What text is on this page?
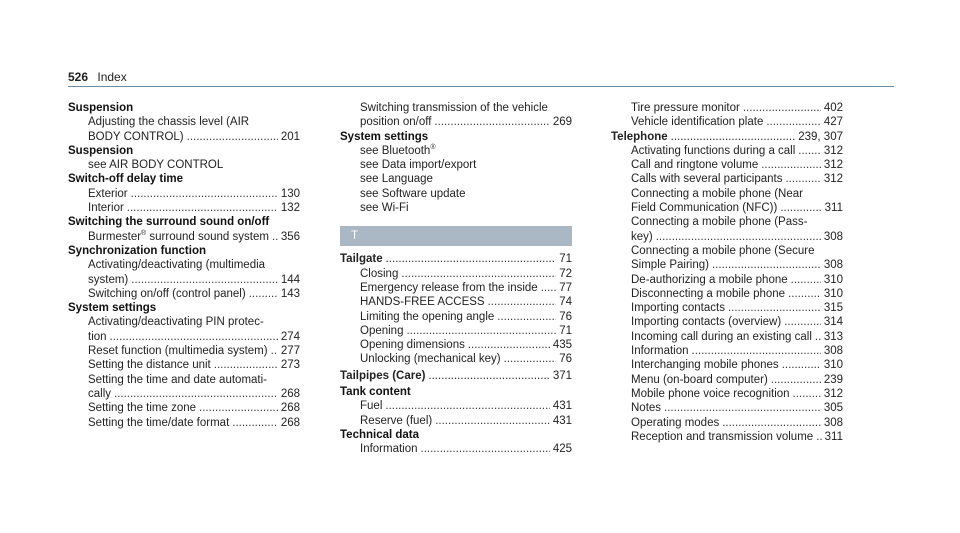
526 Index
Suspension
Adjusting the chassis level (AIR
BODY CONTROL) .....	201
Suspension
see AIR BODY CONTROL
Switch-off delay time
Exterior .....	130
Interior .....	132
Switching the surround sound on/off
Burmester® surround sound system ..... 356
Synchronization function
Activating/deactivating (multimedia
system) .....	144
Switching on/off (control panel) .....	143
System settings
Activating/deactivating PIN protec-
tion .....	274
Reset function (multimedia system) ..... 277
Setting the distance unit .....	273
Setting the time and date automati-
cally .....	268
Setting the time zone .....	268
Setting the time/date format .....	268
Switching transmission of the vehicle
position on/off .....	269
System settings
see Bluetooth®
see Data import/export
see Language
see Software update
see Wi-Fi
T
Tailgate .....	71
Closing .....	72
Emergency release from the inside ..... 77
HANDS-FREE ACCESS .....	74
Limiting the opening angle .....	76
Opening .....	71
Opening dimensions .....	435
Unlocking (mechanical key) .....	76
Tailpipes (Care) .....	371
Tank content
Fuel .....	431
Reserve (fuel) .....	431
Technical data
Information .....	425
Tire pressure monitor .....	402
Vehicle identification plate .....	427
Telephone .....	239, 307
Activating functions during a call ..... 312
Call and ringtone volume .....	312
Calls with several participants .....	312
Connecting a mobile phone (Near
Field Communication (NFC)) .....	311
Connecting a mobile phone (Pass-
key) .....	308
Connecting a mobile phone (Secure
Simple Pairing) .....	308
De-authorizing a mobile phone .....	310
Disconnecting a mobile phone .....	310
Importing contacts .....	315
Importing contacts (overview) .....	314
Incoming call during an existing call ..... 313
Information .....	308
Interchanging mobile phones .....	310
Menu (on-board computer) .....	239
Mobile phone voice recognition .....	312
Notes .....	305
Operating modes .....	308
Reception and transmission volume ..... 311
